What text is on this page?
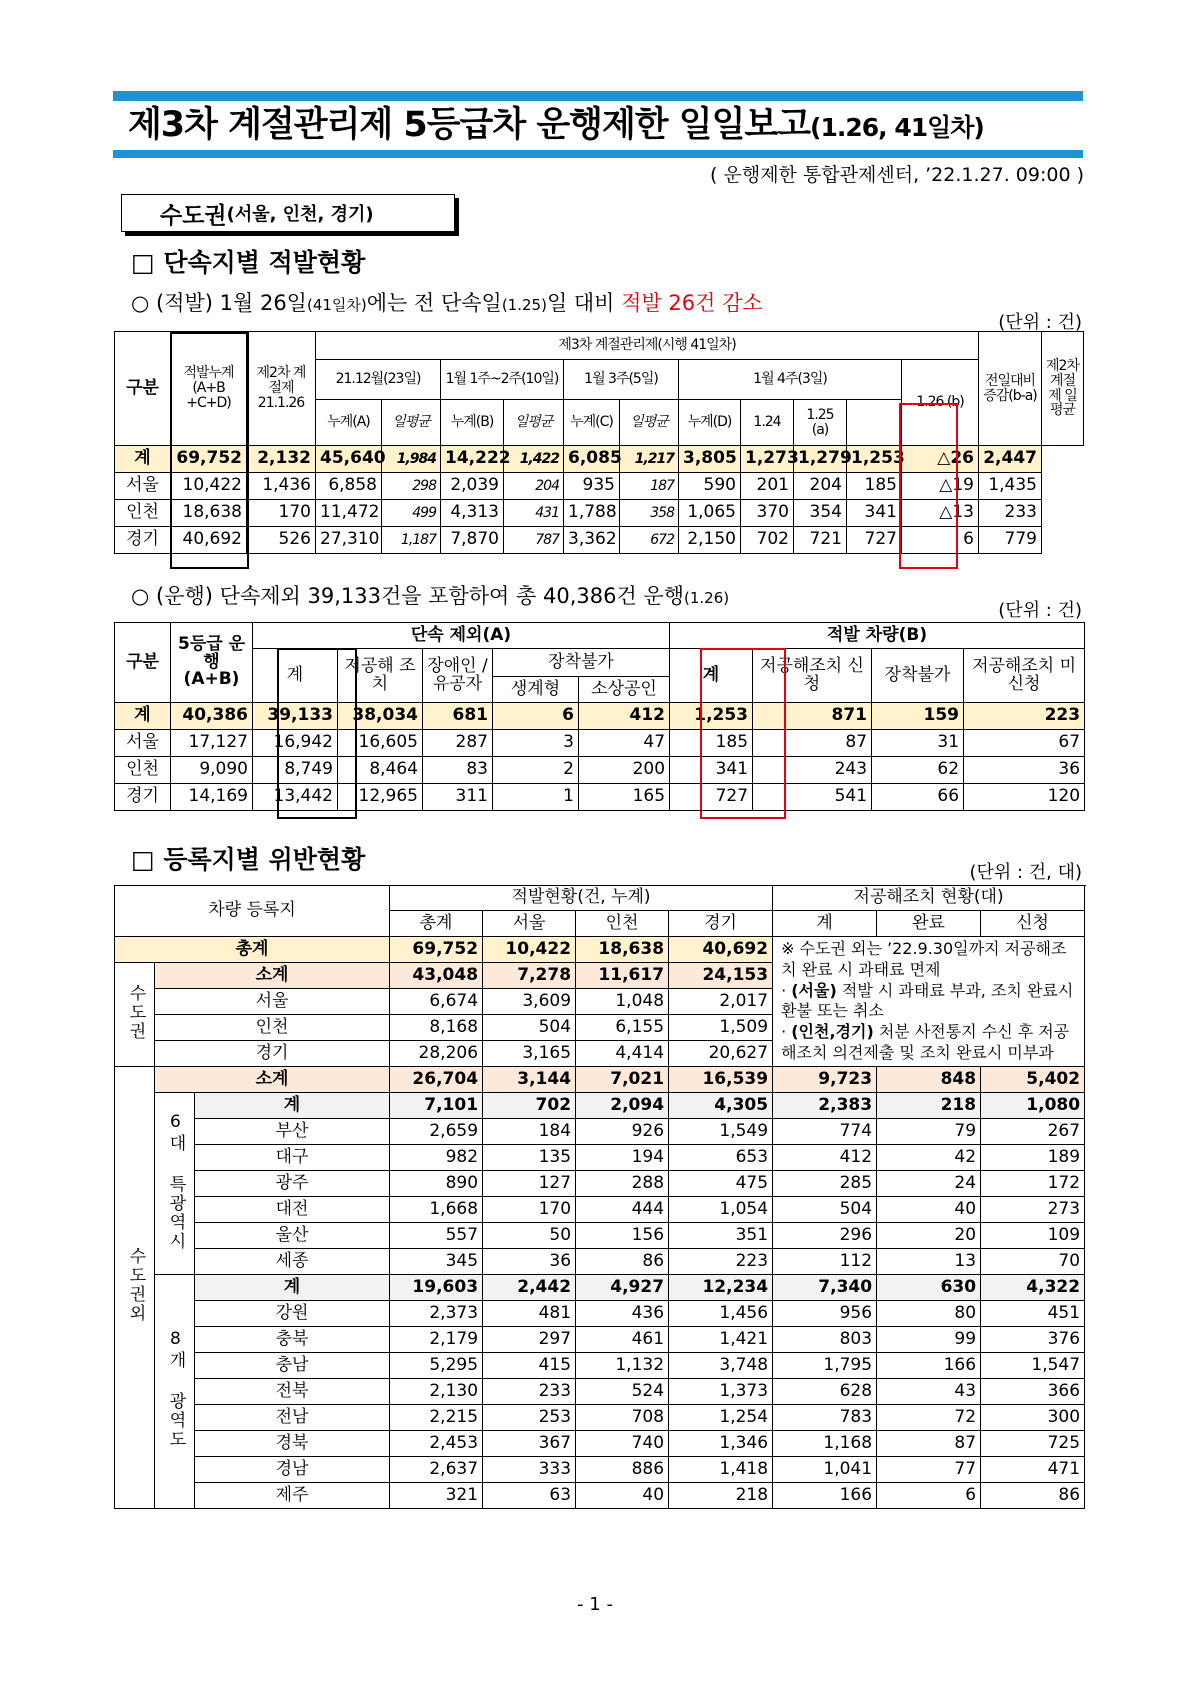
제3차 계절관리제 5등급차 운행제한 일일보고(1.26, 41일차)
( 운행제한 통합관제센터, ’22.1.27. 09:00 )
수도권 (서울, 인천, 경기)
□ 단속지별 적발현황
○ (적발) 1월 26일(41일차)에는 전 단속일(1.25)일 대비 적발 26건 감소
(단위 : 건)
구분	적발누계 (A+B +C+D)	제2차 계절제 21.1.26	제3차 계절관리제(시행 41일차)											전일대비 증감(b-a)	제2차 계절제 일평균
			21.12월(23일)		1월 1주~2주(10일)		1월 3주(5일)		1월 4주(3일)				1.26 (b)		
			누계(A)	일평균	누계(B)	일평균	누계(C)	일평균	누계(D)	1.24	1.25 (a)				
계	69,752	2,132	45,640	1,984	14,222	1,422	6,085	1,217	3,805	1,273	1,279	1,253	△26	2,447	
서울	10,422	1,436	6,858	298	2,039	204	935	187	590	201	204	185	△19	1,435	
인천	18,638	170	11,472	499	4,313	431	1,788	358	1,065	370	354	341	△13	233	
경기	40,692	526	27,310	1,187	7,870	787	3,362	672	2,150	702	721	727	6	779	
○ (운행) 단속제외 39,133건을 포함하여 총 40,386건 운행(1.26)
(단위 : 건)
구분	5등급 운행 (A+B)	단속 제외(A)					적발 차량(B)			
		계	저공해 조치	장애인 /유공자	장착불가		계	저공해조치 신청	장착불가	저공해조치 미신청
					생계형	소상공인				
계	40,386	39,133	38,034	681	6	412	1,253	871	159	223
서울	17,127	16,942	16,605	287	3	47	185	87	31	67
인천	9,090	8,749	8,464	83	2	200	341	243	62	36
경기	14,169	13,442	12,965	311	1	165	727	541	66	120
□ 등록지별 위반현황	(단위 : 건, 대)
차량 등록지			적발현황(건, 누계)				저공해조치 현황(대)			
			총계	서울	인천	경기	계	완료	신청	
총계			69,752	10,422	18,638	40,692	※ 수도권 외는 ’22.9.30일까지 저공해조치 완료 시 과태료 면제
· (서울) 적발 시 과태료 부과, 조치 완료시 환불 또는 취소
· (인천,경기) 처분 사전통지 수신 후 저공해조치 의견제출 및 조치 완료시 미부과			

수도권	소계		43,048	7,278	11,617	24,153				
	서울		6,674	3,609	1,048	2,017				
	인천		8,168	504	6,155	1,509				
	경기		28,206	3,165	4,414	20,627				
수도권외	소계		26,704	3,144	7,021	16,539	9,723	848	5,402	
	6대 특광역시	계	7,101	702	2,094	4,305	2,383	218	1,080	
		부산	2,659	184	926	1,549	774	79	267	
		대구	982	135	194	653	412	42	189	
		광주	890	127	288	475	285	24	172	
		대전	1,668	170	444	1,054	504	40	273	
		울산	557	50	156	351	296	20	109	
		세종	345	36	86	223	112	13	70	
	8개 광역도	계	19,603	2,442	4,927	12,234	7,340	630	4,322	
		강원	2,373	481	436	1,456	956	80	451	
		충북	2,179	297	461	1,421	803	99	376	
		충남	5,295	415	1,132	3,748	1,795	166	1,547	
		전북	2,130	233	524	1,373	628	43	366	
		전남	2,215	253	708	1,254	783	72	300	
		경북	2,453	367	740	1,346	1,168	87	725	
		경남	2,637	333	886	1,418	1,041	77	471	
		제주	321	63	40	218	166	6	86	
- 1 -
